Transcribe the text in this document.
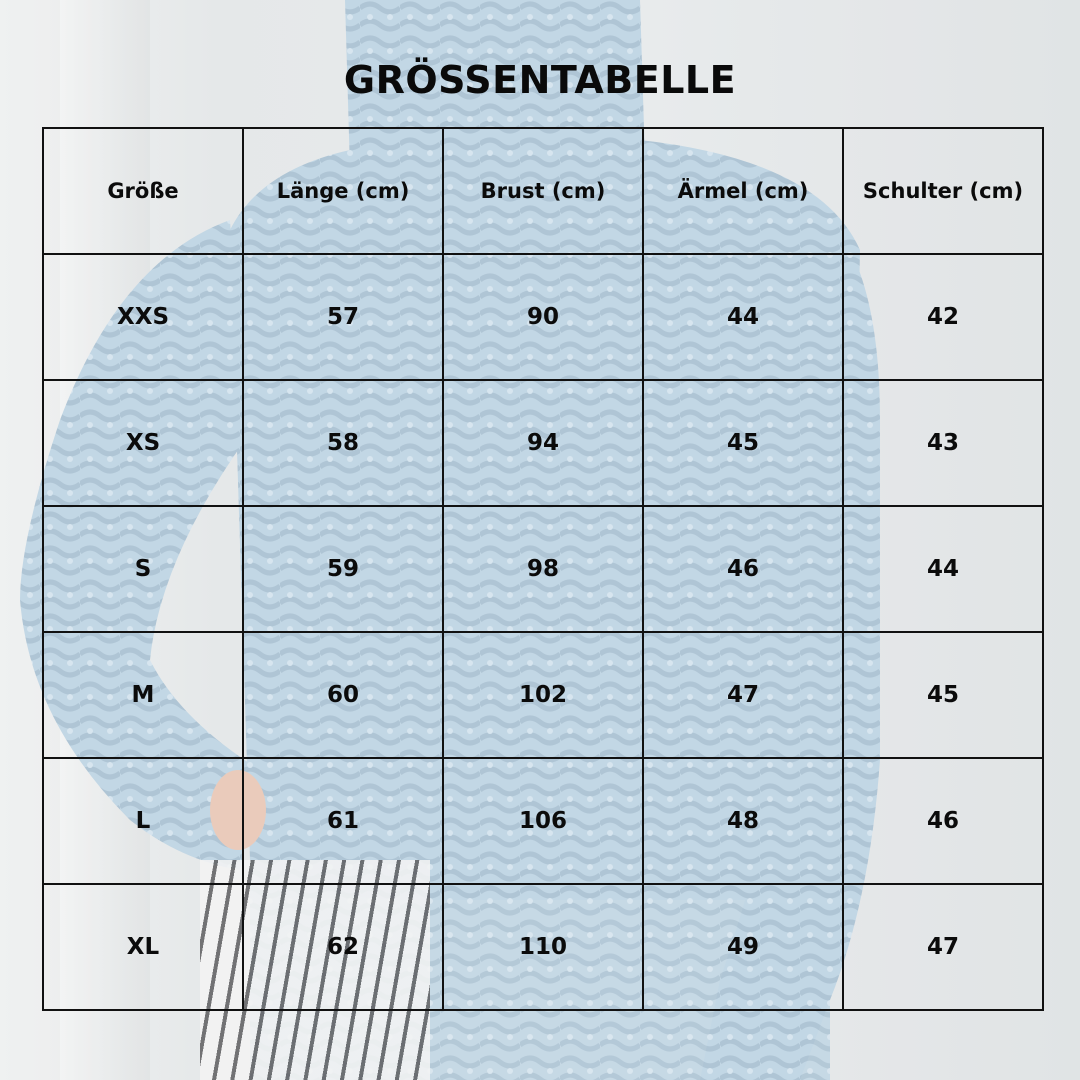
GRÖSSENTABELLE
Größe	Länge (cm)	Brust (cm)	Ärmel (cm)	Schulter (cm)
XXS	57	90	44	42
XS	58	94	45	43
S	59	98	46	44
M	60	102	47	45
L	61	106	48	46
XL	62	110	49	47
